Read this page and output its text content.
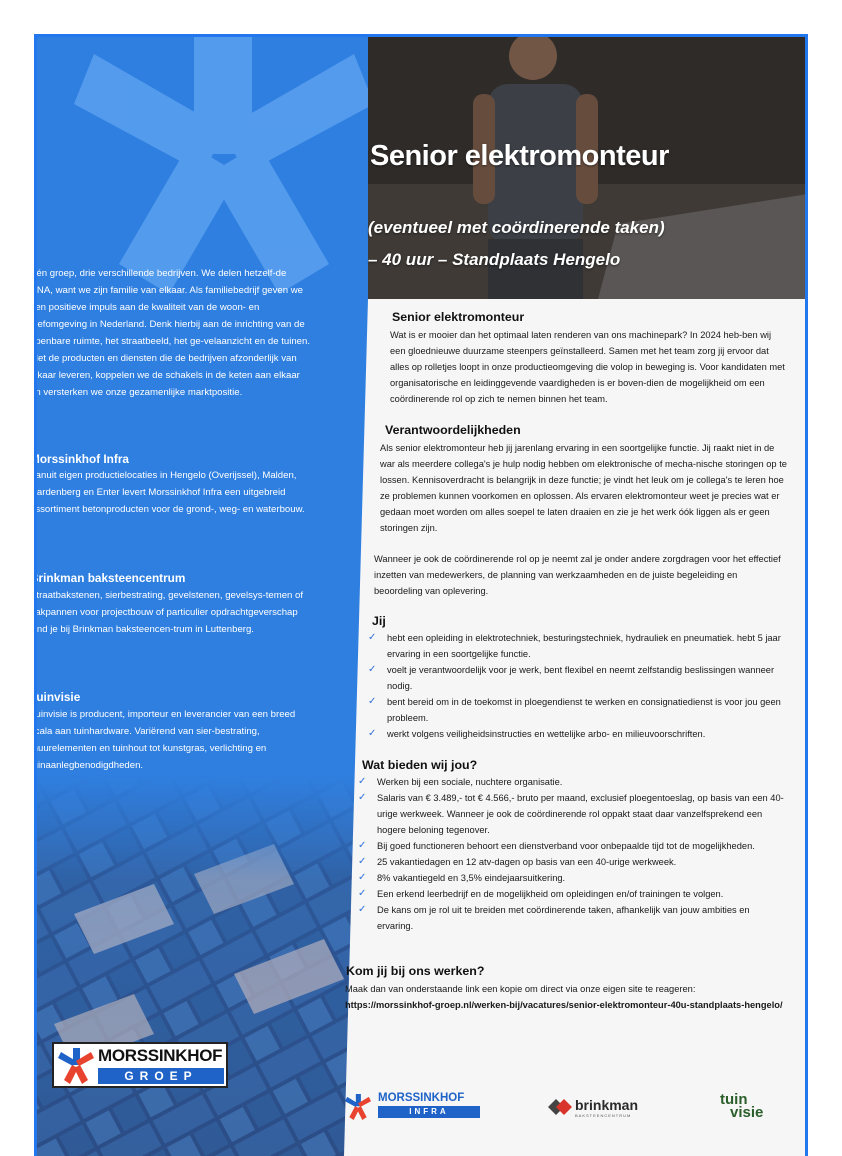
Senior elektromonteur
(eventueel met coördinerende taken)
– 40 uur – Standplaats Hengelo

Eén groep, drie verschillende bedrijven. We delen hetzelf-de DNA, want we zijn familie van elkaar. Als familiebedrijf geven we een positieve impuls aan de kwaliteit van de woon- en leefomgeving in Nederland. Denk hierbij aan de inrichting van de openbare ruimte, het straatbeeld, het ge-velaanzicht en de tuinen. Met de producten en diensten die de bedrijven afzonderlijk van elkaar leveren, koppelen we de schakels in de keten aan elkaar en versterken we onze gezamenlijke marktpositie.

Morssinkhof Infra

Vanuit eigen productielocaties in Hengelo (Overijssel), Malden, Hardenberg en Enter levert Morssinkhof Infra een uitgebreid assortiment betonproducten voor de grond-, weg- en waterbouw.

Brinkman baksteencentrum

Straatbakstenen, sierbestrating, gevelstenen, gevelsys-temen of dakpannen voor projectbouw of particulier opdrachtgeverschap vind je bij Brinkman baksteencen-trum in Luttenberg.

Tuinvisie

Tuinvisie is producent, importeur en leverancier van een breed scala aan tuinhardware. Variërend van sier-bestrating, muurelementen en tuinhout tot kunstgras, verlichting en tuinaanlegbenodigdheden.

Senior elektromonteur

Wat is er mooier dan het optimaal laten renderen van ons machinepark? In 2024 heb-ben wij een gloednieuwe duurzame steenpers geïnstalleerd. Samen met het team zorg jij ervoor dat alles op rolletjes loopt in onze productieomgeving die volop in beweging is. Voor kandidaten met organisatorische en leidinggevende vaardigheden is er boven-dien de mogelijkheid om een coördinerende rol op zich te nemen binnen het team.

Verantwoordelijkheden

Als senior elektromonteur heb jij jarenlang ervaring in een soortgelijke functie. Jij raakt niet in de war als meerdere collega's je hulp nodig hebben om elektronische of mecha-nische storingen op te lossen. Kennisoverdracht is belangrijk in deze functie; je vindt het leuk om je collega's te leren hoe ze problemen kunnen voorkomen en oplossen. Als ervaren elektromonteur weet je precies wat er gedaan moet worden om alles soepel te laten draaien en zie je het werk óók liggen als er geen storingen zijn.

Wanneer je ook de coördinerende rol op je neemt zal je onder andere zorgdragen voor het effectief inzetten van medewerkers, de planning van werkzaamheden en de juiste begeleiding en beoordeling van oplevering.

Jij
✓ hebt een opleiding in elektrotechniek, besturingstechniek, hydrauliek en pneumatiek. hebt 5 jaar ervaring in een soortgelijke functie.
✓ voelt je verantwoordelijk voor je werk, bent flexibel en neemt zelfstandig beslissingen wanneer nodig.
✓ bent bereid om in de toekomst in ploegendienst te werken en consignatiedienst is voor jou geen probleem.
✓ werkt volgens veiligheidsinstructies en wettelijke arbo- en milieuvoorschriften.
Wat bieden wij jou?
✓ Werken bij een sociale, nuchtere organisatie.
✓ Salaris van € 3.489,- tot € 4.566,- bruto per maand, exclusief ploegentoeslag, op basis van een 40-urige werkweek. Wanneer je ook de coördinerende rol oppakt staat daar vanzelfsprekend een hogere beloning tegenover.
✓ Bij goed functioneren behoort een dienstverband voor onbepaalde tijd tot de mogelijkheden.
✓ 25 vakantiedagen en 12 atv-dagen op basis van een 40-urige werkweek.
✓ 8% vakantiegeld en 3,5% eindejaarsuitkering.
✓ Een erkend leerbedrijf en de mogelijkheid om opleidingen en/of trainingen te volgen.
✓ De kans om je rol uit te breiden met coördinerende taken, afhankelijk van jouw ambities en ervaring.
Kom jij bij ons werken?

Maak dan van onderstaande link een kopie om direct via onze eigen site te reageren:

https://morssinkhof-groep.nl/werken-bij/vacatures/senior-elektromonteur-40u-standplaats-hengelo/

MORSSINKHOF
GROEP
MORSSINKHOF
INFRA	brinkman
BAKSTEENCENTRUM
tuin
visie
